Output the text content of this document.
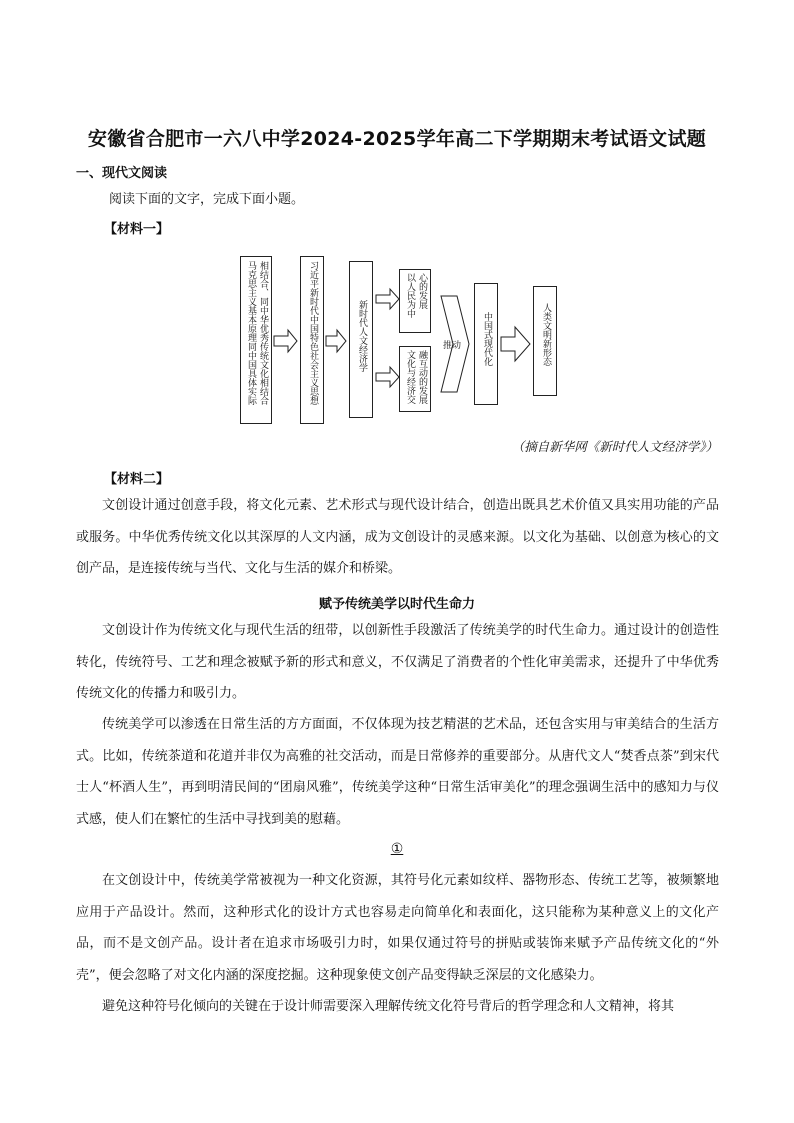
安徽省合肥市一六八中学2024-2025学年高二下学期期末考试语文试题
一、现代文阅读
阅读下面的文字，完成下面小题。
【材料一】
相结合、同中华优秀传统文化相结合
马克思主义基本原理同中国具体实际	习近平新时代中国特色社会主义思想	新时代人文经济学
心的发展
以人民为中
融互动的发展
文化与经济交
推动 中国式现代化	人类文明新形态
（摘自新华网《新时代人文经济学》）
【材料二】

文创设计通过创意手段，将文化元素、艺术形式与现代设计结合，创造出既具艺术价值又具实用功能的产品或服务。中华优秀传统文化以其深厚的人文内涵，成为文创设计的灵感来源。以文化为基础、以创意为核心的文创产品，是连接传统与当代、文化与生活的媒介和桥梁。

赋予传统美学以时代生命力

文创设计作为传统文化与现代生活的纽带，以创新性手段激活了传统美学的时代生命力。通过设计的创造性转化，传统符号、工艺和理念被赋予新的形式和意义，不仅满足了消费者的个性化审美需求，还提升了中华优秀传统文化的传播力和吸引力。

传统美学可以渗透在日常生活的方方面面，不仅体现为技艺精湛的艺术品，还包含实用与审美结合的生活方式。比如，传统茶道和花道并非仅为高雅的社交活动，而是日常修养的重要部分。从唐代文人“焚香点茶”到宋代士人“杯酒人生”，再到明清民间的“团扇风雅”，传统美学这种“日常生活审美化”的理念强调生活中的感知力与仪式感，使人们在繁忙的生活中寻找到美的慰藉。

①

在文创设计中，传统美学常被视为一种文化资源，其符号化元素如纹样、器物形态、传统工艺等，被频繁地应用于产品设计。然而，这种形式化的设计方式也容易走向简单化和表面化，这只能称为某种意义上的文化产品，而不是文创产品。设计者在追求市场吸引力时，如果仅通过符号的拼贴或装饰来赋予产品传统文化的“外壳”，便会忽略了对文化内涵的深度挖掘。这种现象使文创产品变得缺乏深层的文化感染力。

避免这种符号化倾向的关键在于设计师需要深入理解传统文化符号背后的哲学理念和人文精神，将其
